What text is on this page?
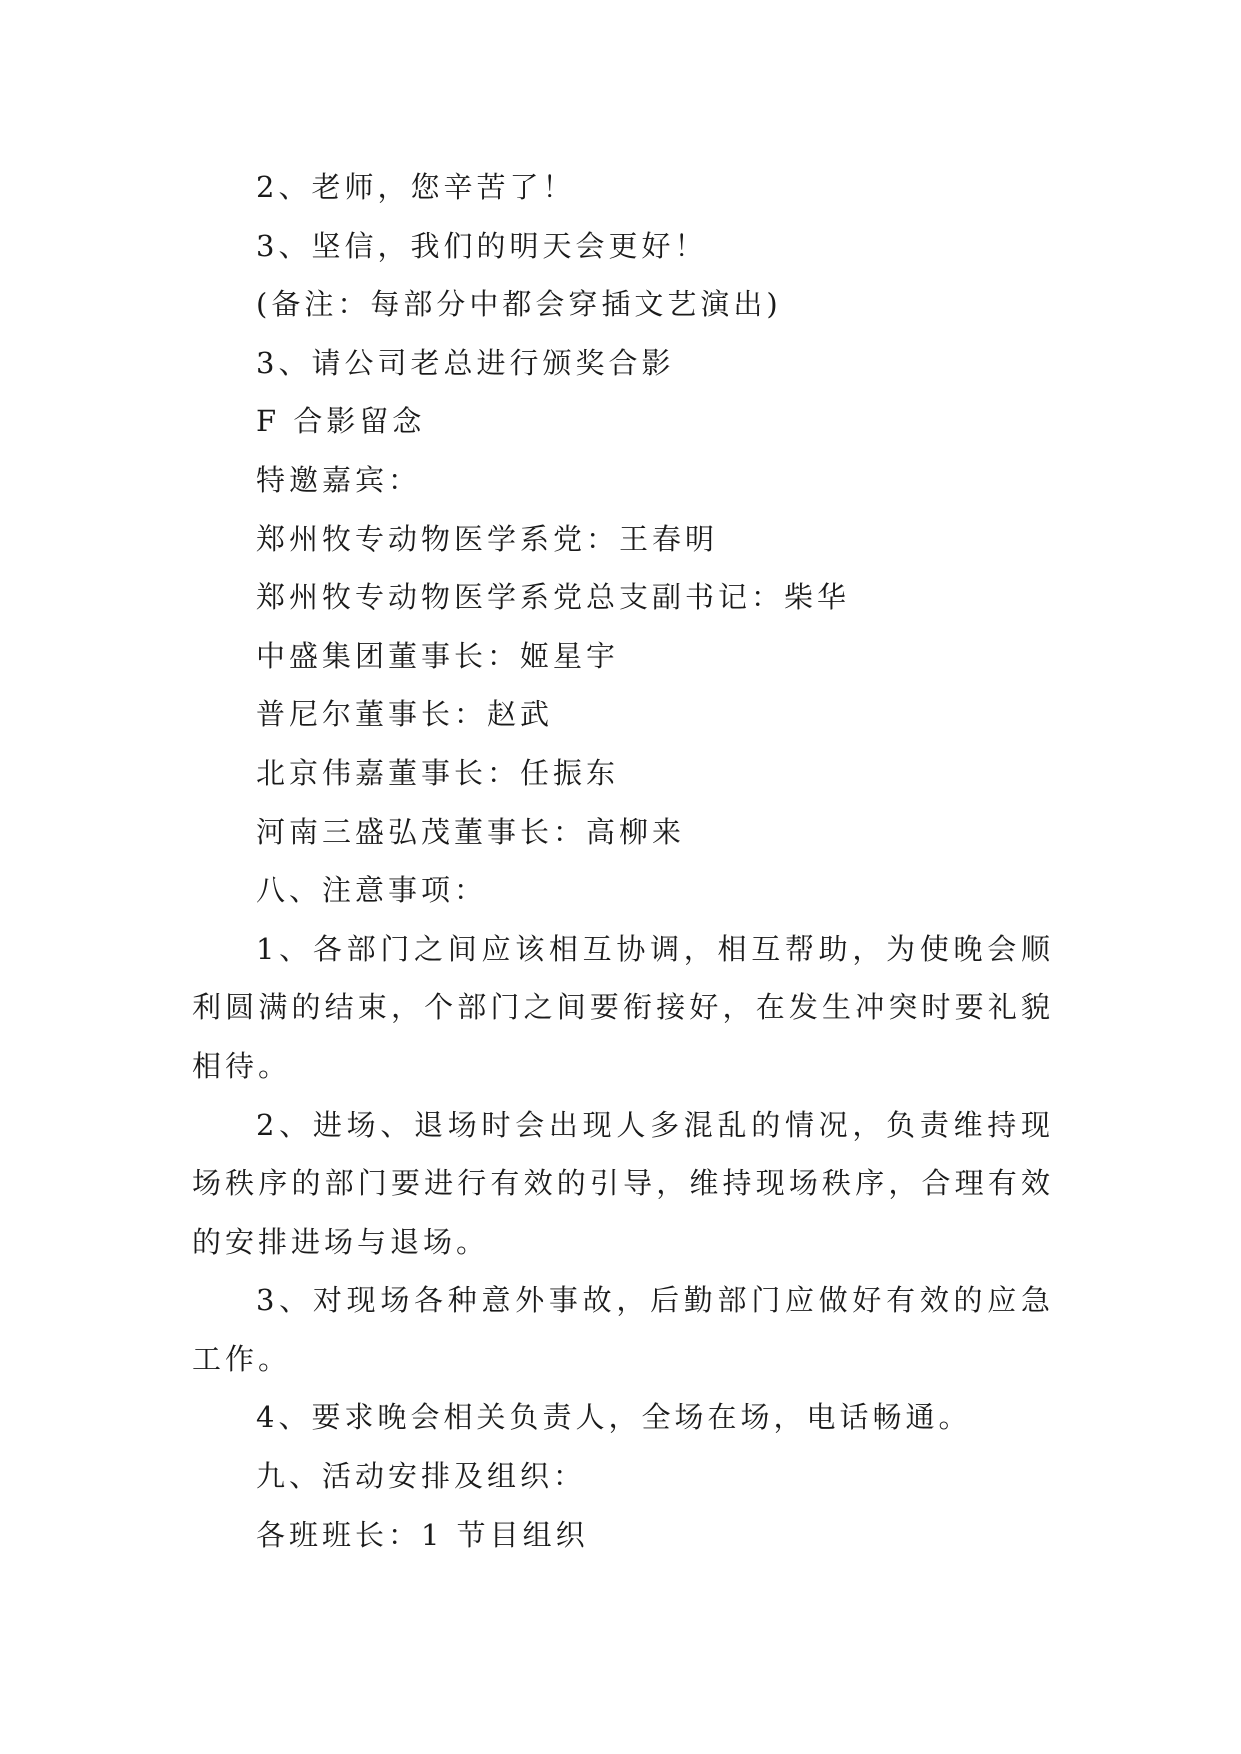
2、老师，您辛苦了！
3、坚信，我们的明天会更好！
(备注：每部分中都会穿插文艺演出)
3、请公司老总进行颁奖合影
F 合影留念
特邀嘉宾：
郑州牧专动物医学系党：王春明
郑州牧专动物医学系党总支副书记：柴华
中盛集团董事长：姬星宇
普尼尔董事长：赵武
北京伟嘉董事长：任振东
河南三盛弘茂董事长：高柳来
八、注意事项：

1、各部门之间应该相互协调，相互帮助，为使晚会顺利圆满的结束，个部门之间要衔接好，在发生冲突时要礼貌相待。

2、进场、退场时会出现人多混乱的情况，负责维持现场秩序的部门要进行有效的引导，维持现场秩序，合理有效的安排进场与退场。

3、对现场各种意外事故，后勤部门应做好有效的应急工作。

4、要求晚会相关负责人，全场在场，电话畅通。
九、活动安排及组织：
各班班长：1 节目组织
